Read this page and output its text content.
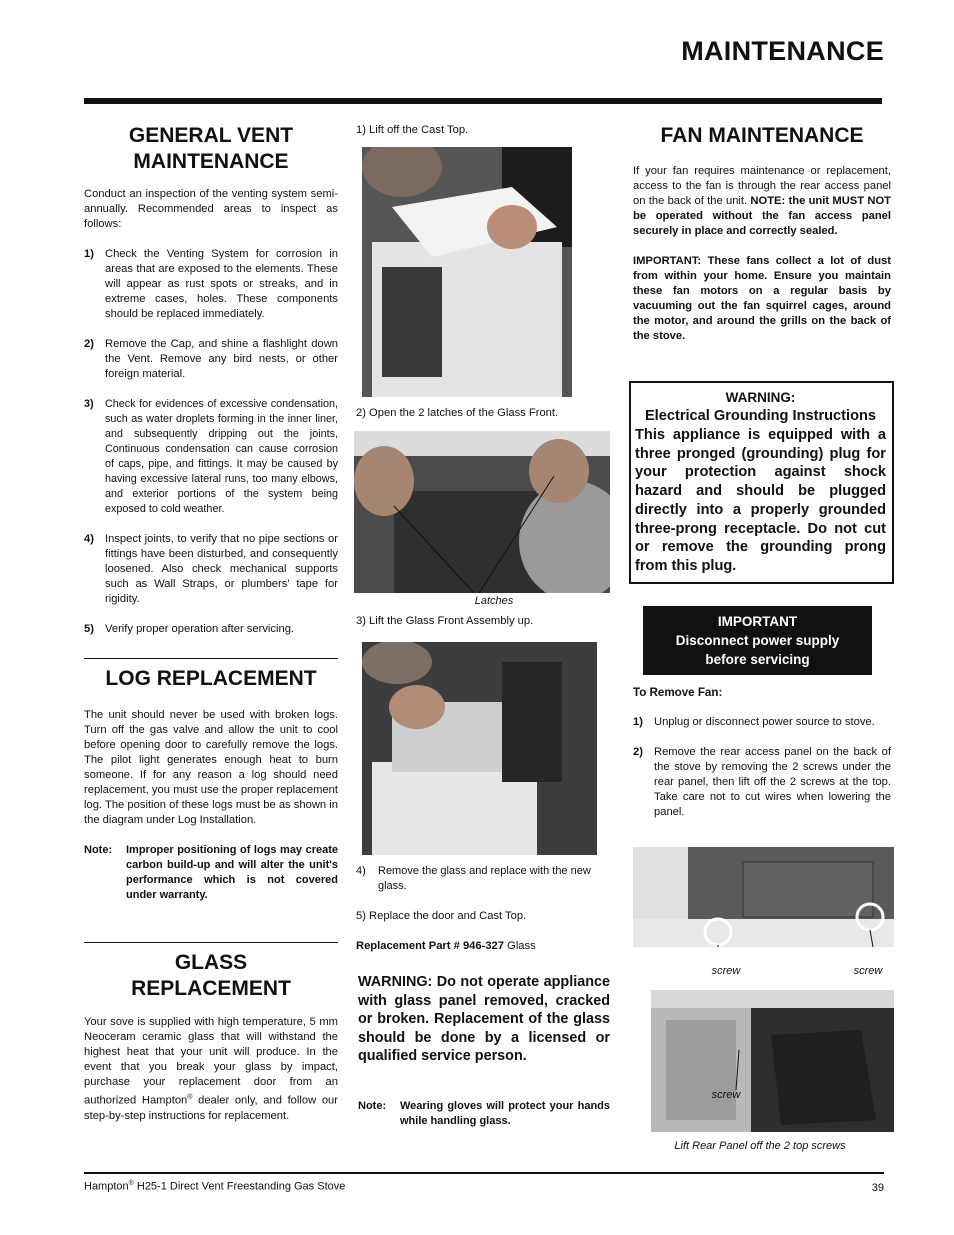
MAINTENANCE
GENERAL VENT MAINTENANCE

Conduct an inspection of the venting system semi-annually. Recommended areas to inspect as follows:

1) Check the Venting System for corrosion in areas that are exposed to the elements. These will appear as rust spots or streaks, and in extreme cases, holes. These components should be replaced immediately.
2) Remove the Cap, and shine a flashlight down the Vent. Remove any bird nests, or other foreign material.
3)	Check for evidences of excessive condensation, such as water droplets forming in the inner liner, and subsequently dripping out the joints, Continuous condensation can cause corrosion of caps, pipe, and fittings. It may be caused by having excessive lateral runs, too many elbows, and exterior portions of the system being exposed to cold weather.
4) Inspect joints, to verify that no pipe sections or fittings have been disturbed, and consequently loosened. Also check mechanical supports such as Wall Straps, or plumbers' tape for rigidity.
5) Verify proper operation after servicing.
LOG REPLACEMENT

The unit should never be used with broken logs. Turn off the gas valve and allow the unit to cool before opening door to carefully remove the logs. The pilot light generates enough heat to burn someone. If for any reason a log should need replacement, you must use the proper replacement log. The position of these logs must be as shown in the diagram under Log Installation.

Note:	Improper positioning of logs may create carbon build-up and will alter the unit's performance which is not covered under warranty.
GLASS REPLACEMENT

Your sove is supplied with high temperature, 5 mm Neoceram ceramic glass that will withstand the highest heat that your unit will produce. In the event that you break your glass by impact, purchase your replacement door from an authorized Hampton® dealer only, and follow our step-by-step instructions for replacement.

1) Lift off the Cast Top.
2) Open the 2 latches of the Glass Front.
Latches
3) Lift the Glass Front Assembly up.
4)	Remove the glass and replace with the new glass.
5) Replace the door and Cast Top.
Replacement Part # 946-327 Glass
WARNING: Do not operate appliance with glass panel removed, cracked or broken. Replacement of the glass should be done by a licensed or qualified service person.
Note:	Wearing gloves will protect your hands while handling glass.
FAN MAINTENANCE

If your fan requires maintenance or replacement, access to the fan is through the rear access panel on the back of the unit. NOTE: the unit MUST NOT be operated without the fan access panel securely in place and correctly sealed.

IMPORTANT: These fans collect a lot of dust from within your home. Ensure you maintain these fan motors on a regular basis by vacuuming out the fan squirrel cages, around the motor, and around the grills on the back of the stove.

WARNING:
Electrical Grounding Instructions
This appliance is equipped with a three pronged (grounding) plug for your protection against shock hazard and should be plugged directly into a properly grounded three-prong receptacle. Do not cut or remove the grounding prong from this plug.
IMPORTANT
Disconnect power supply
before servicing
To Remove Fan:
1) Unplug or disconnect power source to stove.
2) Remove the rear access panel on the back of the stove by removing the 2 screws under the rear panel, then lift off the 2 screws at the top. Take care not to cut wires when lowering the panel.
screw	screw
screw
Lift Rear Panel off the 2 top screws
Hampton® H25-1 Direct Vent Freestanding Gas Stove	39
